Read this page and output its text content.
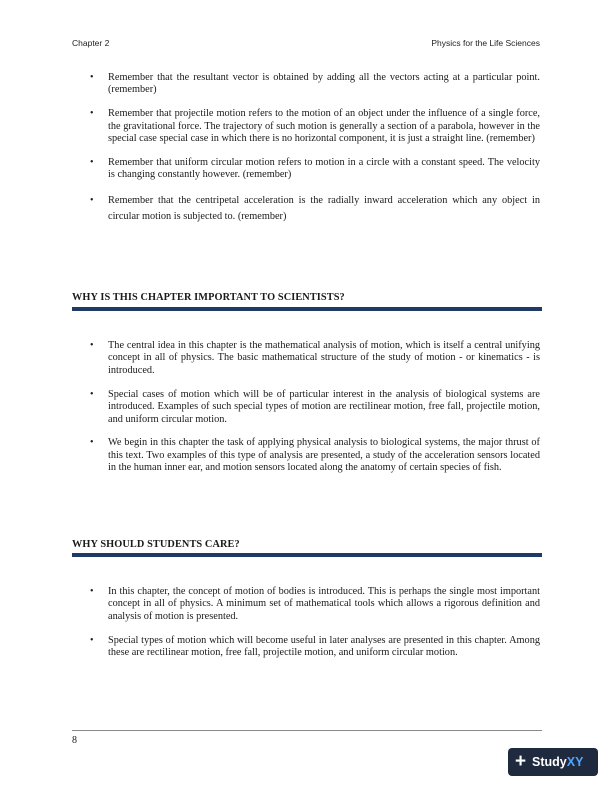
Chapter 2	Physics for the Life Sciences
• Remember that the resultant vector is obtained by adding all the vectors acting at a particular point. (remember)
• Remember that projectile motion refers to the motion of an object under the influence of a single force, the gravitational force. The trajectory of such motion is generally a section of a parabola, however in the special case special case in which there is no horizontal component, it is just a straight line. (remember)
• Remember that uniform circular motion refers to motion in a circle with a constant speed. The velocity is changing constantly however. (remember)
• Remember that the centripetal acceleration is the radially inward acceleration which any object in circular motion is subjected to. (remember)
WHY IS THIS CHAPTER IMPORTANT TO SCIENTISTS?
• The central idea in this chapter is the mathematical analysis of motion, which is itself a central unifying concept in all of physics. The basic mathematical structure of the study of motion - or kinematics - is introduced.
• Special cases of motion which will be of particular interest in the analysis of biological systems are introduced. Examples of such special types of motion are rectilinear motion, free fall, projectile motion, and uniform circular motion.
• We begin in this chapter the task of applying physical analysis to biological systems, the major thrust of this text. Two examples of this type of analysis are presented, a study of the acceleration sensors located in the human inner ear, and motion sensors located along the anatomy of certain species of fish.
WHY SHOULD STUDENTS CARE?
• In this chapter, the concept of motion of bodies is introduced. This is perhaps the single most important concept in all of physics. A minimum set of mathematical tools which allows a rigorous definition and analysis of motion is presented.
• Special types of motion which will become useful in later analyses are presented in this chapter. Among these are rectilinear motion, free fall, projectile motion, and uniform circular motion.
8
+ StudyXY
